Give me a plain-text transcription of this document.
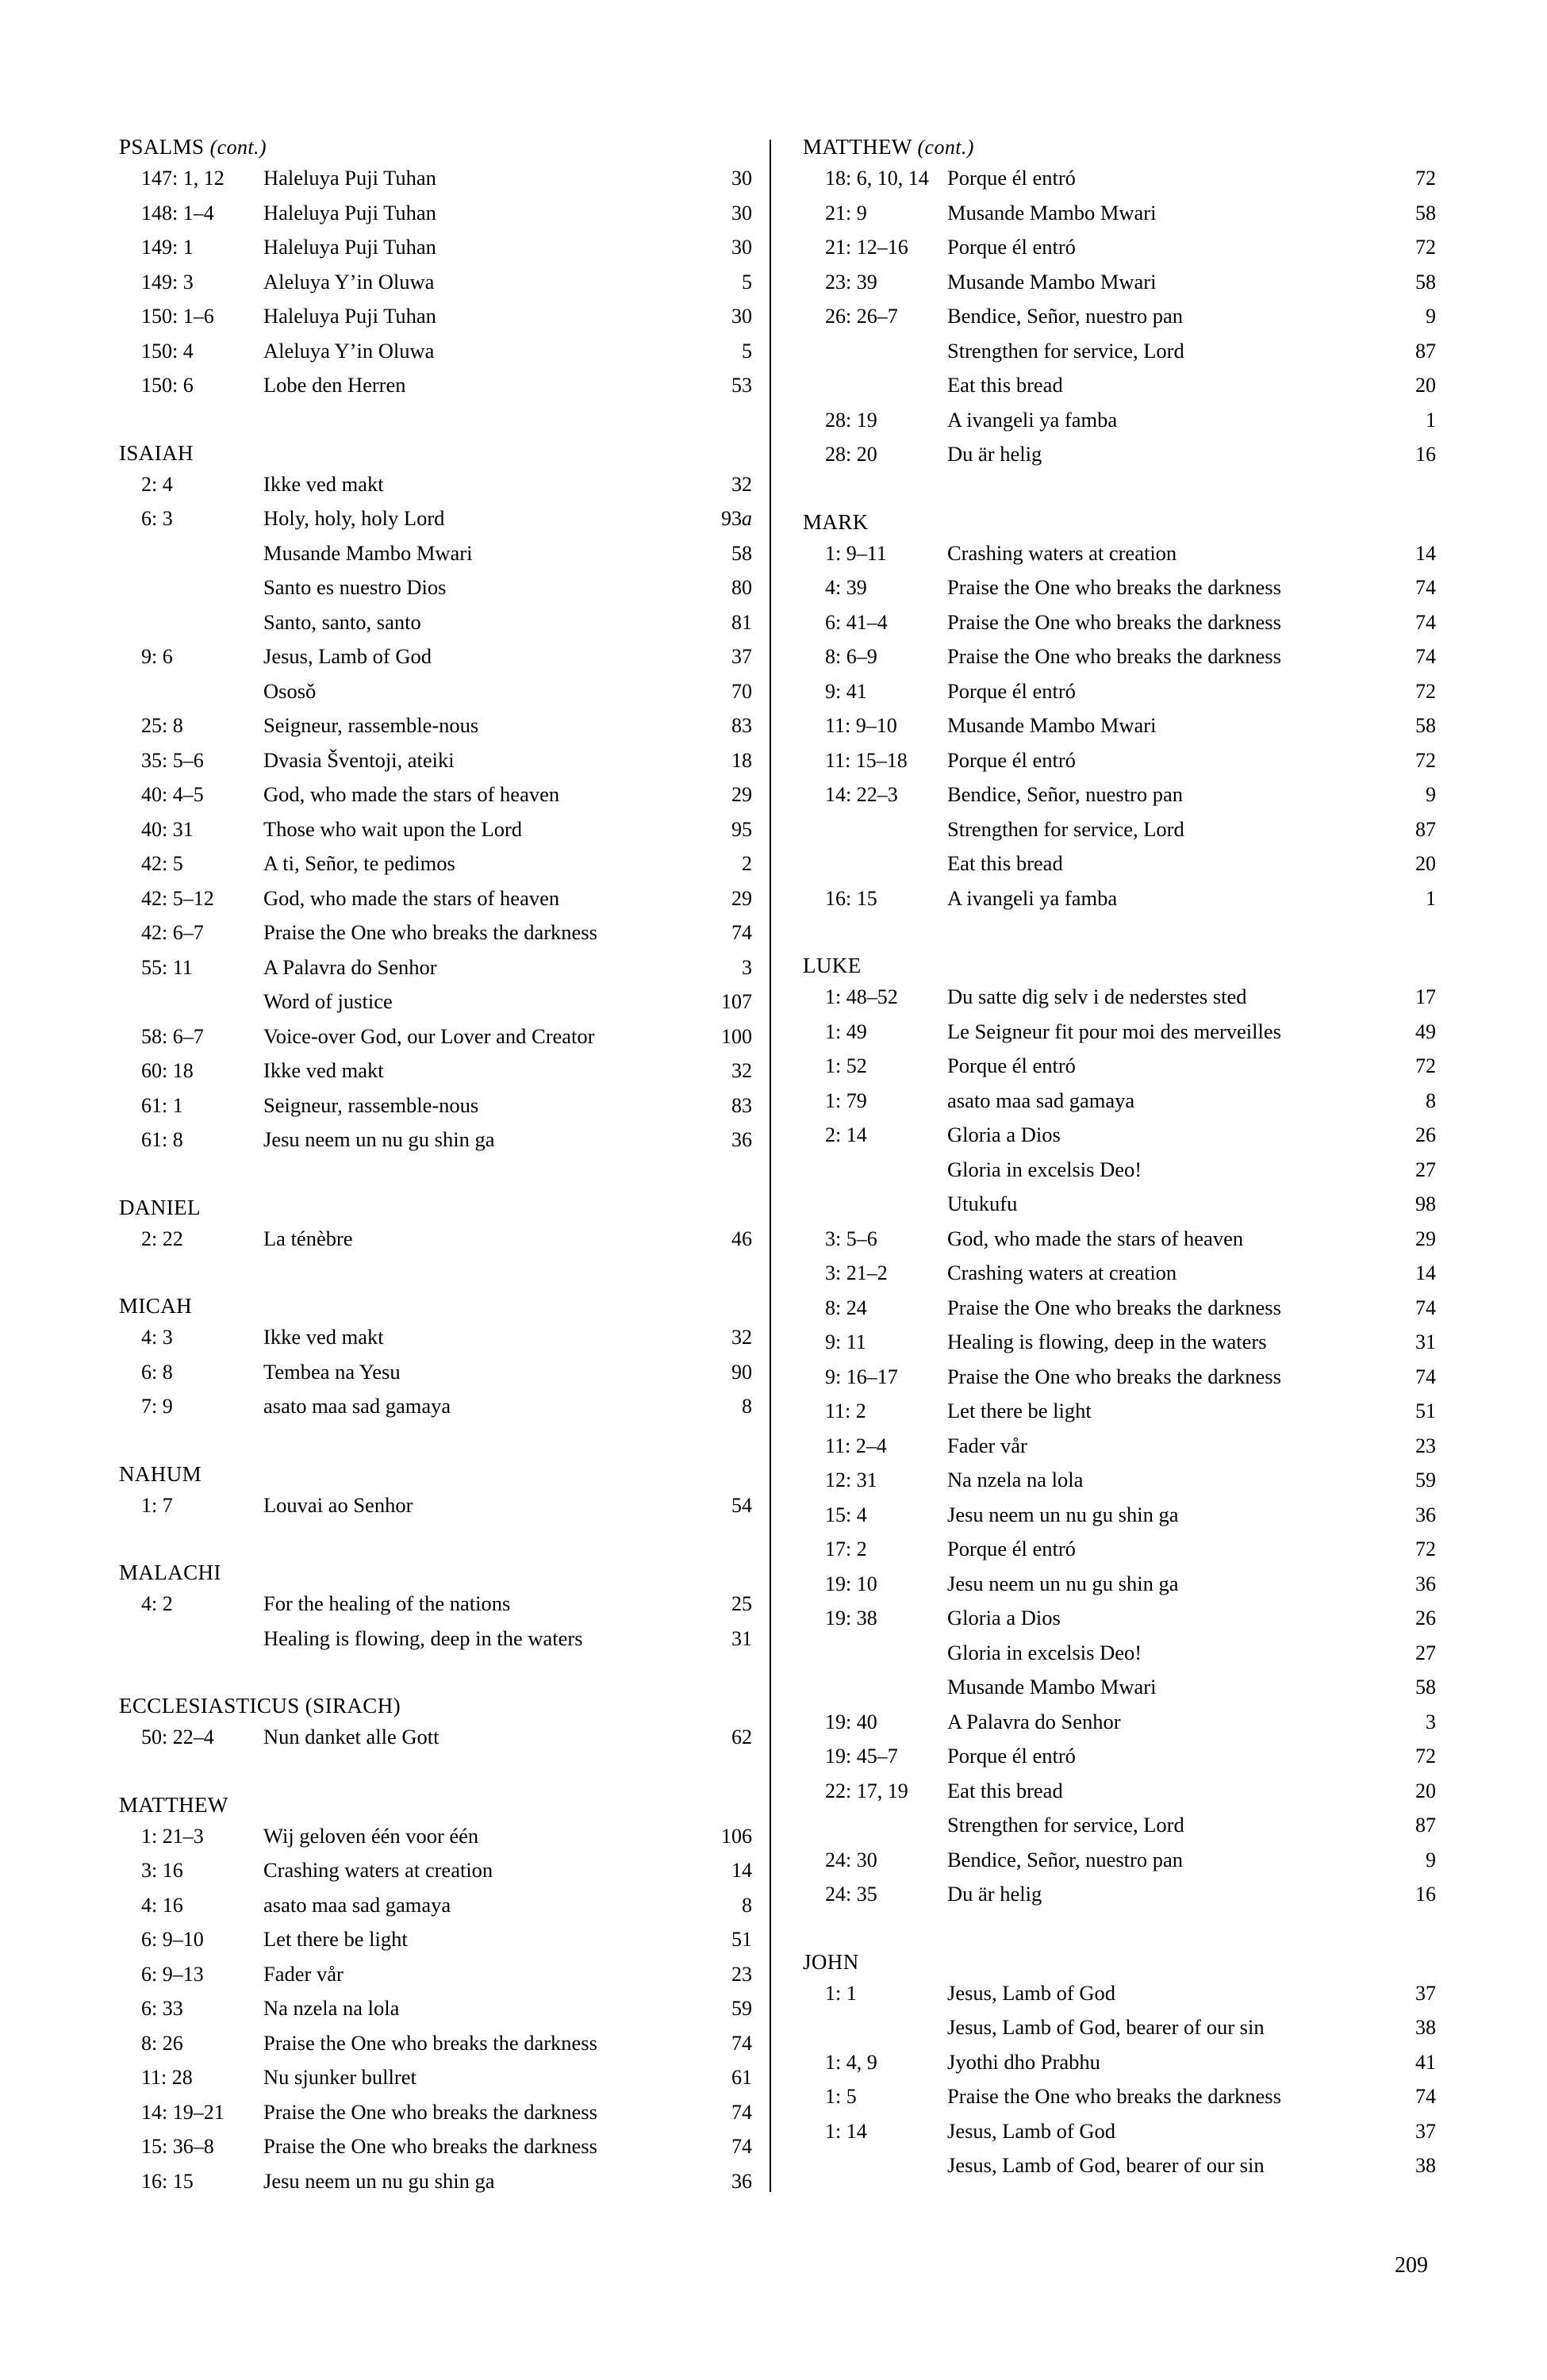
PSALMS (cont.)
147: 1, 12	Haleluya Puji Tuhan	30
148: 1–4	Haleluya Puji Tuhan	30
149: 1	Haleluya Puji Tuhan	30
149: 3	Aleluya Y’in Oluwa	5
150: 1–6	Haleluya Puji Tuhan	30
150: 4	Aleluya Y’in Oluwa	5
150: 6	Lobe den Herren	53
ISAIAH
2: 4	Ikke ved makt	32
6: 3	Holy, holy, holy Lord	93a
Musande Mambo Mwari	58
Santo es nuestro Dios	80
Santo, santo, santo	81
9: 6	Jesus, Lamb of God	37
Ososǒ	70
25: 8	Seigneur, rassemble-nous	83
35: 5–6	Dvasia Šventoji, ateiki	18
40: 4–5	God, who made the stars of heaven	29
40: 31	Those who wait upon the Lord	95
42: 5	A ti, Señor, te pedimos	2
42: 5–12	God, who made the stars of heaven	29
42: 6–7	Praise the One who breaks the darkness	74
55: 11	A Palavra do Senhor	3
Word of justice	107
58: 6–7	Voice-over God, our Lover and Creator	100
60: 18	Ikke ved makt	32
61: 1	Seigneur, rassemble-nous	83
61: 8	Jesu neem un nu gu shin ga	36
DANIEL
2: 22	La ténèbre	46
MICAH
4: 3	Ikke ved makt	32
6: 8	Tembea na Yesu	90
7: 9	asato maa sad gamaya	8
NAHUM
1: 7	Louvai ao Senhor	54
MALACHI
4: 2	For the healing of the nations	25
Healing is flowing, deep in the waters	31
ECCLESIASTICUS (SIRACH)
50: 22–4	Nun danket alle Gott	62
MATTHEW
1: 21–3	Wij geloven één voor één	106
3: 16	Crashing waters at creation	14
4: 16	asato maa sad gamaya	8
6: 9–10	Let there be light	51
6: 9–13	Fader vår	23
6: 33	Na nzela na lola	59
8: 26	Praise the One who breaks the darkness	74
11: 28	Nu sjunker bullret	61
14: 19–21	Praise the One who breaks the darkness	74
15: 36–8	Praise the One who breaks the darkness	74
16: 15	Jesu neem un nu gu shin ga	36
MATTHEW (cont.)
18: 6, 10, 14 Porque él entró	72
21: 9	Musande Mambo Mwari	58
21: 12–16	Porque él entró	72
23: 39	Musande Mambo Mwari	58
26: 26–7	Bendice, Señor, nuestro pan	9
Strengthen for service, Lord	87
Eat this bread	20
28: 19	A ivangeli ya famba	1
28: 20	Du är helig	16
MARK
1: 9–11	Crashing waters at creation	14
4: 39	Praise the One who breaks the darkness	74
6: 41–4	Praise the One who breaks the darkness	74
8: 6–9	Praise the One who breaks the darkness	74
9: 41	Porque él entró	72
11: 9–10	Musande Mambo Mwari	58
11: 15–18	Porque él entró	72
14: 22–3	Bendice, Señor, nuestro pan	9
Strengthen for service, Lord	87
Eat this bread	20
16: 15	A ivangeli ya famba	1
LUKE
1: 48–52	Du satte dig selv i de nederstes sted	17
1: 49	Le Seigneur fit pour moi des merveilles	49
1: 52	Porque él entró	72
1: 79	asato maa sad gamaya	8
2: 14	Gloria a Dios	26
Gloria in excelsis Deo!	27
Utukufu	98
3: 5–6	God, who made the stars of heaven	29
3: 21–2	Crashing waters at creation	14
8: 24	Praise the One who breaks the darkness	74
9: 11	Healing is flowing, deep in the waters	31
9: 16–17	Praise the One who breaks the darkness	74
11: 2	Let there be light	51
11: 2–4	Fader vår	23
12: 31	Na nzela na lola	59
15: 4	Jesu neem un nu gu shin ga	36
17: 2	Porque él entró	72
19: 10	Jesu neem un nu gu shin ga	36
19: 38	Gloria a Dios	26
Gloria in excelsis Deo!	27
Musande Mambo Mwari	58
19: 40	A Palavra do Senhor	3
19: 45–7	Porque él entró	72
22: 17, 19	Eat this bread	20
Strengthen for service, Lord	87
24: 30	Bendice, Señor, nuestro pan	9
24: 35	Du är helig	16
JOHN
1: 1	Jesus, Lamb of God	37
Jesus, Lamb of God, bearer of our sin	38
1: 4, 9	Jyothi dho Prabhu	41
1: 5	Praise the One who breaks the darkness	74
1: 14	Jesus, Lamb of God	37
Jesus, Lamb of God, bearer of our sin	38
209
